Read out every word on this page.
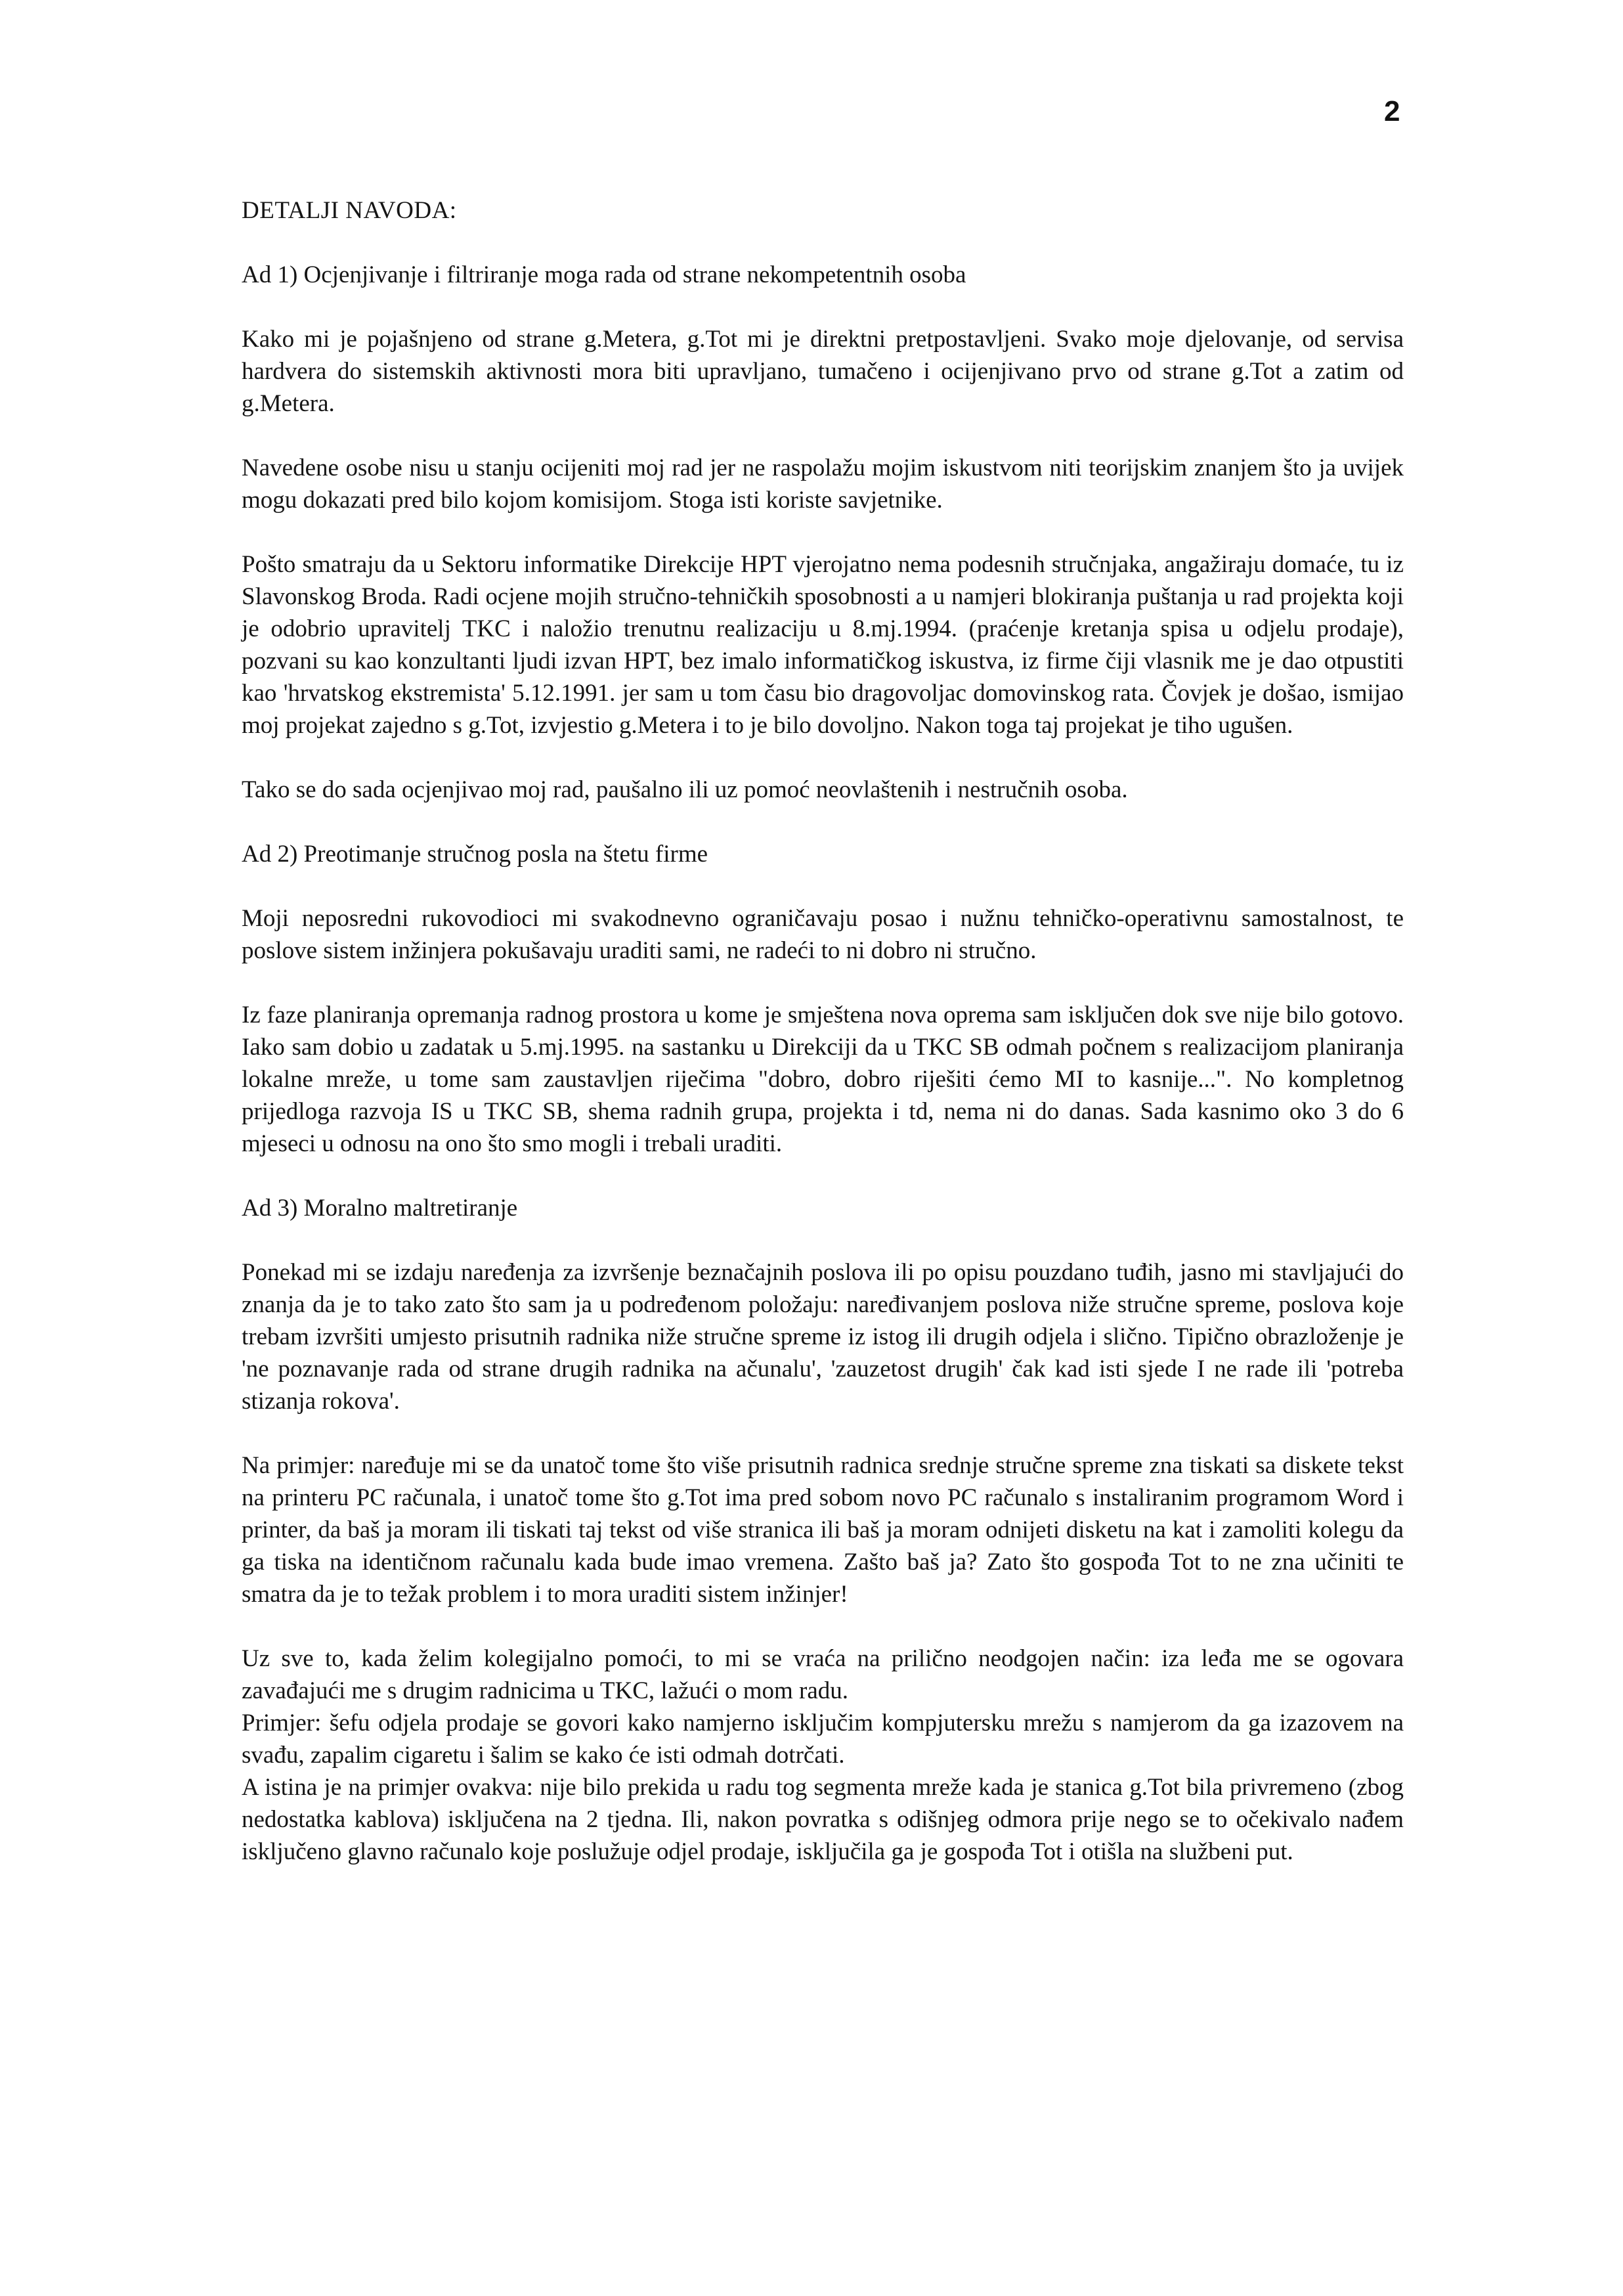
2

DETALJI NAVODA:

Ad 1) Ocjenjivanje i filtriranje moga rada od strane nekompetentnih osoba

Kako mi je pojašnjeno od strane g.Metera, g.Tot mi je direktni pretpostavljeni. Svako moje djelovanje, od servisa hardvera do sistemskih aktivnosti mora biti upravljano, tumačeno i ocijenjivano prvo od strane g.Tot a zatim od g.Metera.

Navedene osobe nisu u stanju ocijeniti moj rad jer ne raspolažu mojim iskustvom niti teorijskim znanjem što ja uvijek mogu dokazati pred bilo kojom komisijom. Stoga isti koriste savjetnike.

Pošto smatraju da u Sektoru informatike Direkcije HPT vjerojatno nema podesnih stručnjaka, angažiraju domaće, tu iz Slavonskog Broda. Radi ocjene mojih stručno-tehničkih sposobnosti a u namjeri blokiranja puštanja u rad projekta koji je odobrio upravitelj TKC i naložio trenutnu realizaciju u 8.mj.1994. (praćenje kretanja spisa u odjelu prodaje), pozvani su kao konzultanti ljudi izvan HPT, bez imalo informatičkog iskustva, iz firme čiji vlasnik me je dao otpustiti kao 'hrvatskog ekstremista' 5.12.1991. jer sam u tom času bio dragovoljac domovinskog rata. Čovjek je došao, ismijao moj projekat zajedno s g.Tot, izvjestio g.Metera i to je bilo dovoljno. Nakon toga taj projekat je tiho ugušen.

Tako se do sada ocjenjivao moj rad, paušalno ili uz pomoć neovlaštenih i nestručnih osoba.

Ad 2) Preotimanje stručnog posla na štetu firme

Moji neposredni rukovodioci mi svakodnevno ograničavaju posao i nužnu tehničko-operativnu samostalnost, te poslove sistem inžinjera pokušavaju uraditi sami, ne radeći to ni dobro ni stručno.

Iz faze planiranja opremanja radnog prostora u kome je smještena nova oprema sam isključen dok sve nije bilo gotovo. Iako sam dobio u zadatak u 5.mj.1995. na sastanku u Direkciji da u TKC SB odmah počnem s realizacijom planiranja lokalne mreže, u tome sam zaustavljen riječima "dobro, dobro riješiti ćemo MI to kasnije...". No kompletnog prijedloga razvoja IS u TKC SB, shema radnih grupa, projekta i td, nema ni do danas. Sada kasnimo oko 3 do 6 mjeseci u odnosu na ono što smo mogli i trebali uraditi.

Ad 3) Moralno maltretiranje

Ponekad mi se izdaju naređenja za izvršenje beznačajnih poslova ili po opisu pouzdano tuđih, jasno mi stavljajući do znanja da je to tako zato što sam ja u podređenom položaju: naređivanjem poslova niže stručne spreme, poslova koje trebam izvršiti umjesto prisutnih radnika niže stručne spreme iz istog ili drugih odjela i slično. Tipično obrazloženje je 'ne poznavanje rada od strane drugih radnika na ačunalu', 'zauzetost drugih' čak kad isti sjede I ne rade ili 'potreba stizanja rokova'.

Na primjer: naređuje mi se da unatoč tome što više prisutnih radnica srednje stručne spreme zna tiskati sa diskete tekst na printeru PC računala, i unatoč tome što g.Tot ima pred sobom novo PC računalo s instaliranim programom Word i printer, da baš ja moram ili tiskati taj tekst od više stranica ili baš ja moram odnijeti disketu na kat i zamoliti kolegu da ga tiska na identičnom računalu kada bude imao vremena. Zašto baš ja? Zato što gospođa Tot to ne zna učiniti te smatra da je to težak problem i to mora uraditi sistem inžinjer!

Uz sve to, kada želim kolegijalno pomoći, to mi se vraća na prilično neodgojen način: iza leđa me se ogovara zavađajući me s drugim radnicima u TKC, lažući o mom radu.

Primjer: šefu odjela prodaje se govori kako namjerno isključim kompjutersku mrežu s namjerom da ga izazovem na svađu, zapalim cigaretu i šalim se kako će isti odmah dotrčati.

A istina je na primjer ovakva: nije bilo prekida u radu tog segmenta mreže kada je stanica g.Tot bila privremeno (zbog nedostatka kablova) isključena na 2 tjedna. Ili, nakon povratka s odišnjeg odmora prije nego se to očekivalo nađem isključeno glavno računalo koje poslužuje odjel prodaje, isključila ga je gospođa Tot i otišla na službeni put.
